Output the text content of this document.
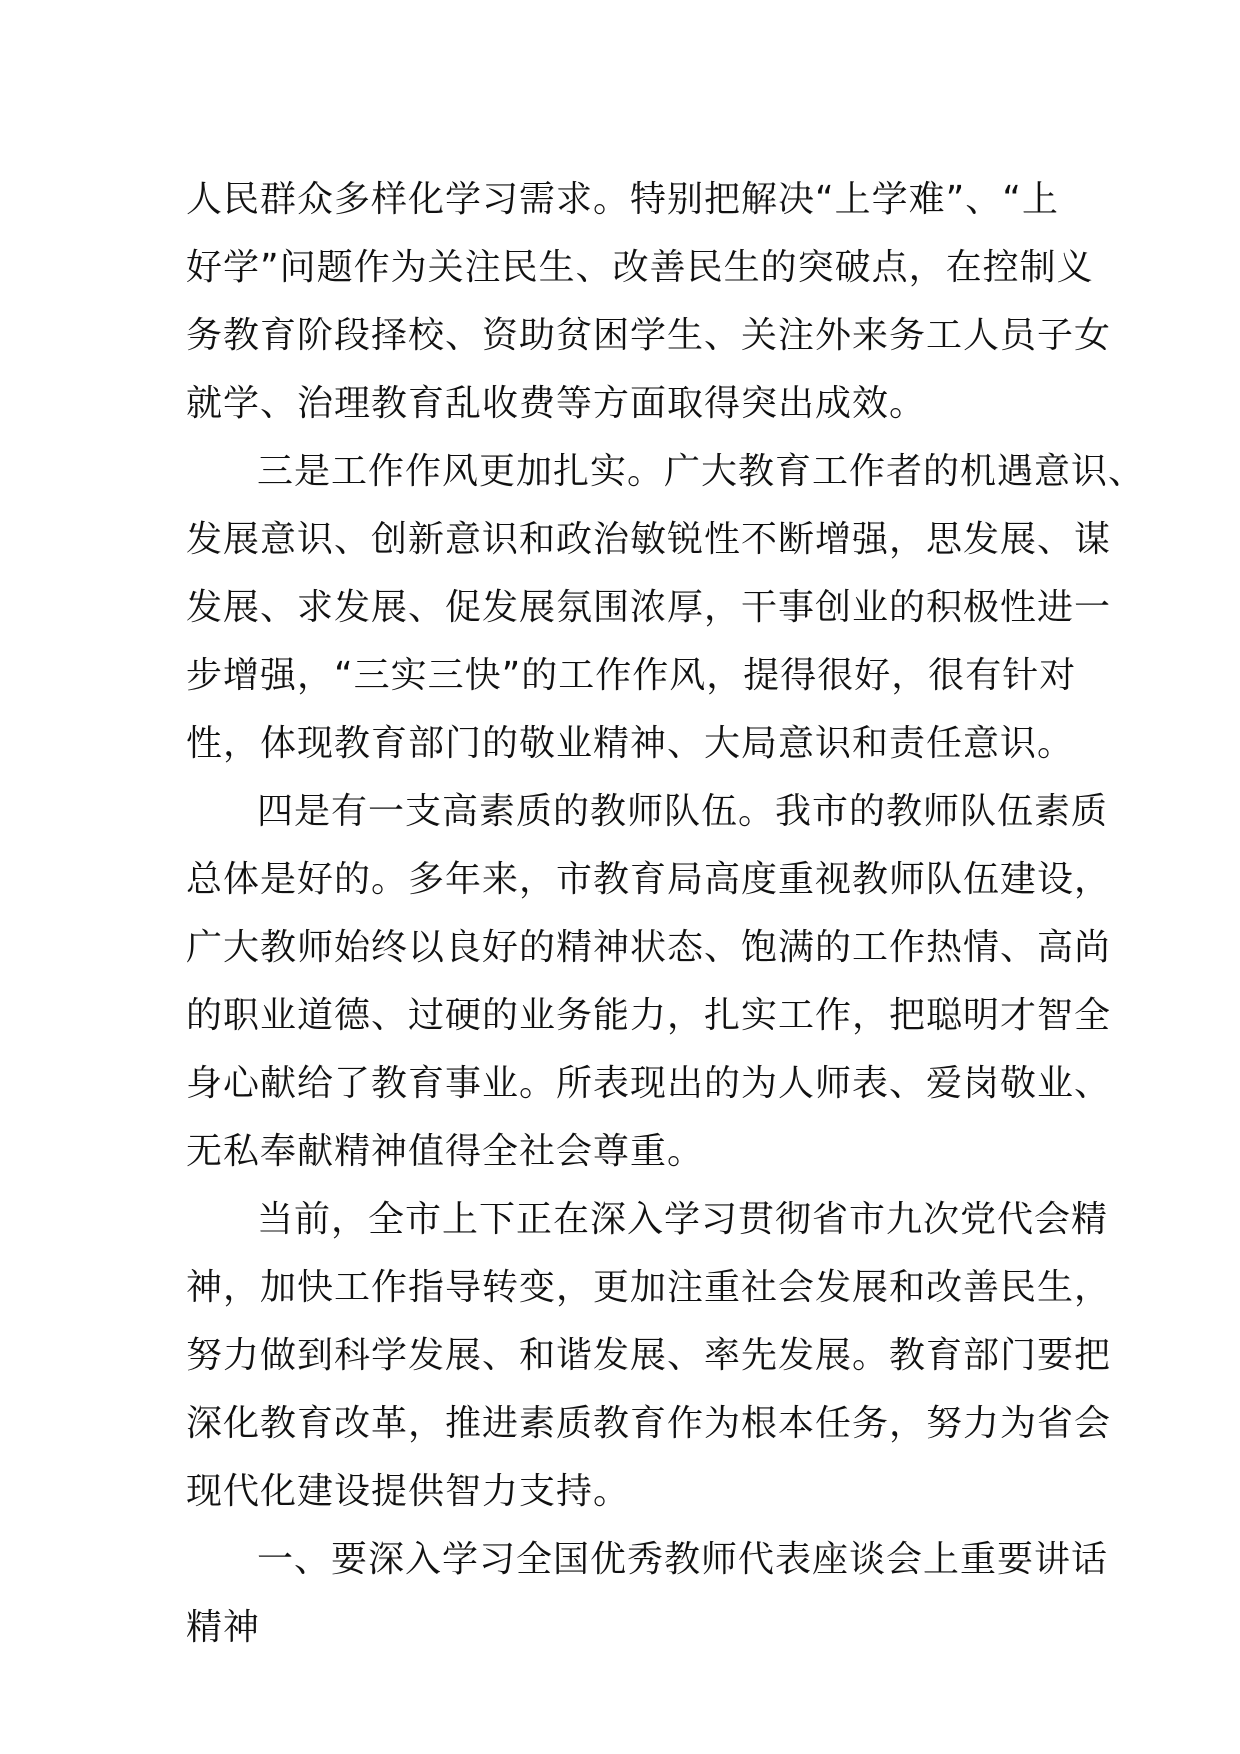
人民群众多样化学习需求。特别把解决“上学难”、“上
好学”问题作为关注民生、改善民生的突破点，在控制义
务教育阶段择校、资助贫困学生、关注外来务工人员子女
就学、治理教育乱收费等方面取得突出成效。
三是工作作风更加扎实。广大教育工作者的机遇意识、
发展意识、创新意识和政治敏锐性不断增强，思发展、谋
发展、求发展、促发展氛围浓厚，干事创业的积极性进一
步增强，“三实三快”的工作作风，提得很好，很有针对
性，体现教育部门的敬业精神、大局意识和责任意识。
四是有一支高素质的教师队伍。我市的教师队伍素质
总体是好的。多年来，市教育局高度重视教师队伍建设，
广大教师始终以良好的精神状态、饱满的工作热情、高尚
的职业道德、过硬的业务能力，扎实工作，把聪明才智全
身心献给了教育事业。所表现出的为人师表、爱岗敬业、
无私奉献精神值得全社会尊重。
当前，全市上下正在深入学习贯彻省市九次党代会精
神，加快工作指导转变，更加注重社会发展和改善民生，
努力做到科学发展、和谐发展、率先发展。教育部门要把
深化教育改革，推进素质教育作为根本任务，努力为省会
现代化建设提供智力支持。
一、要深入学习全国优秀教师代表座谈会上重要讲话
精神
